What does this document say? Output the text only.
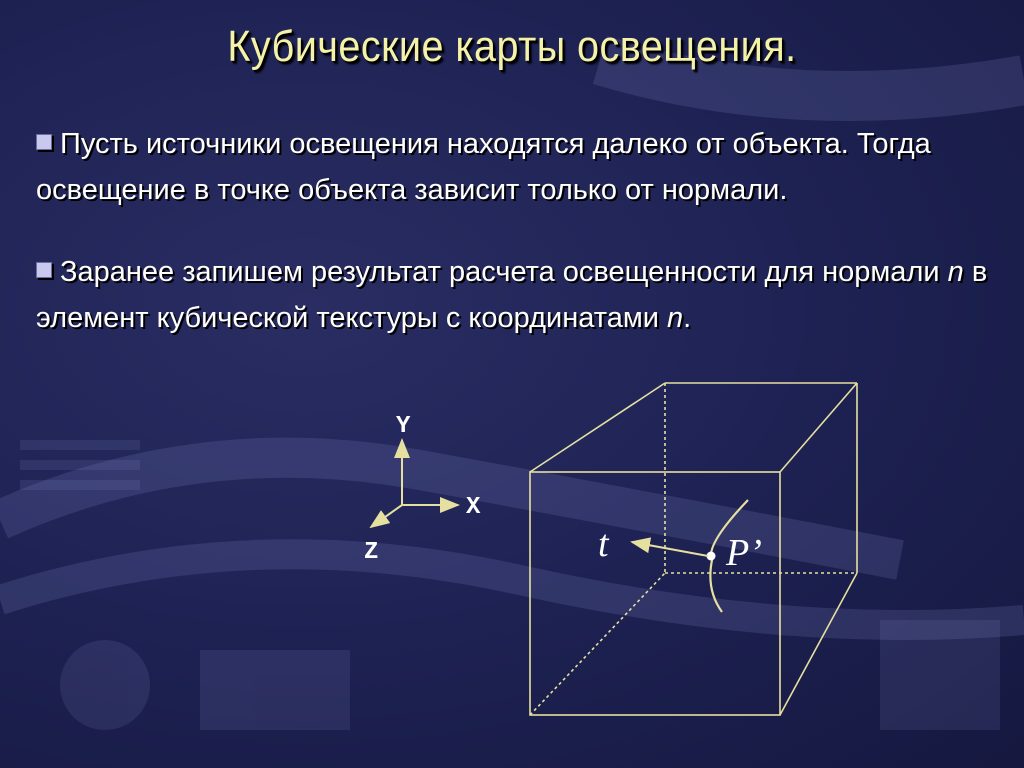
Кубические карты освещения.
Пусть источники освещения находятся далеко от объекта. Тогда освещение в точке объекта зависит только от нормали.
Заранее запишем результат расчета освещенности для нормали n в элемент кубической текстуры с координатами n.
Y
X
Z	t	P’
